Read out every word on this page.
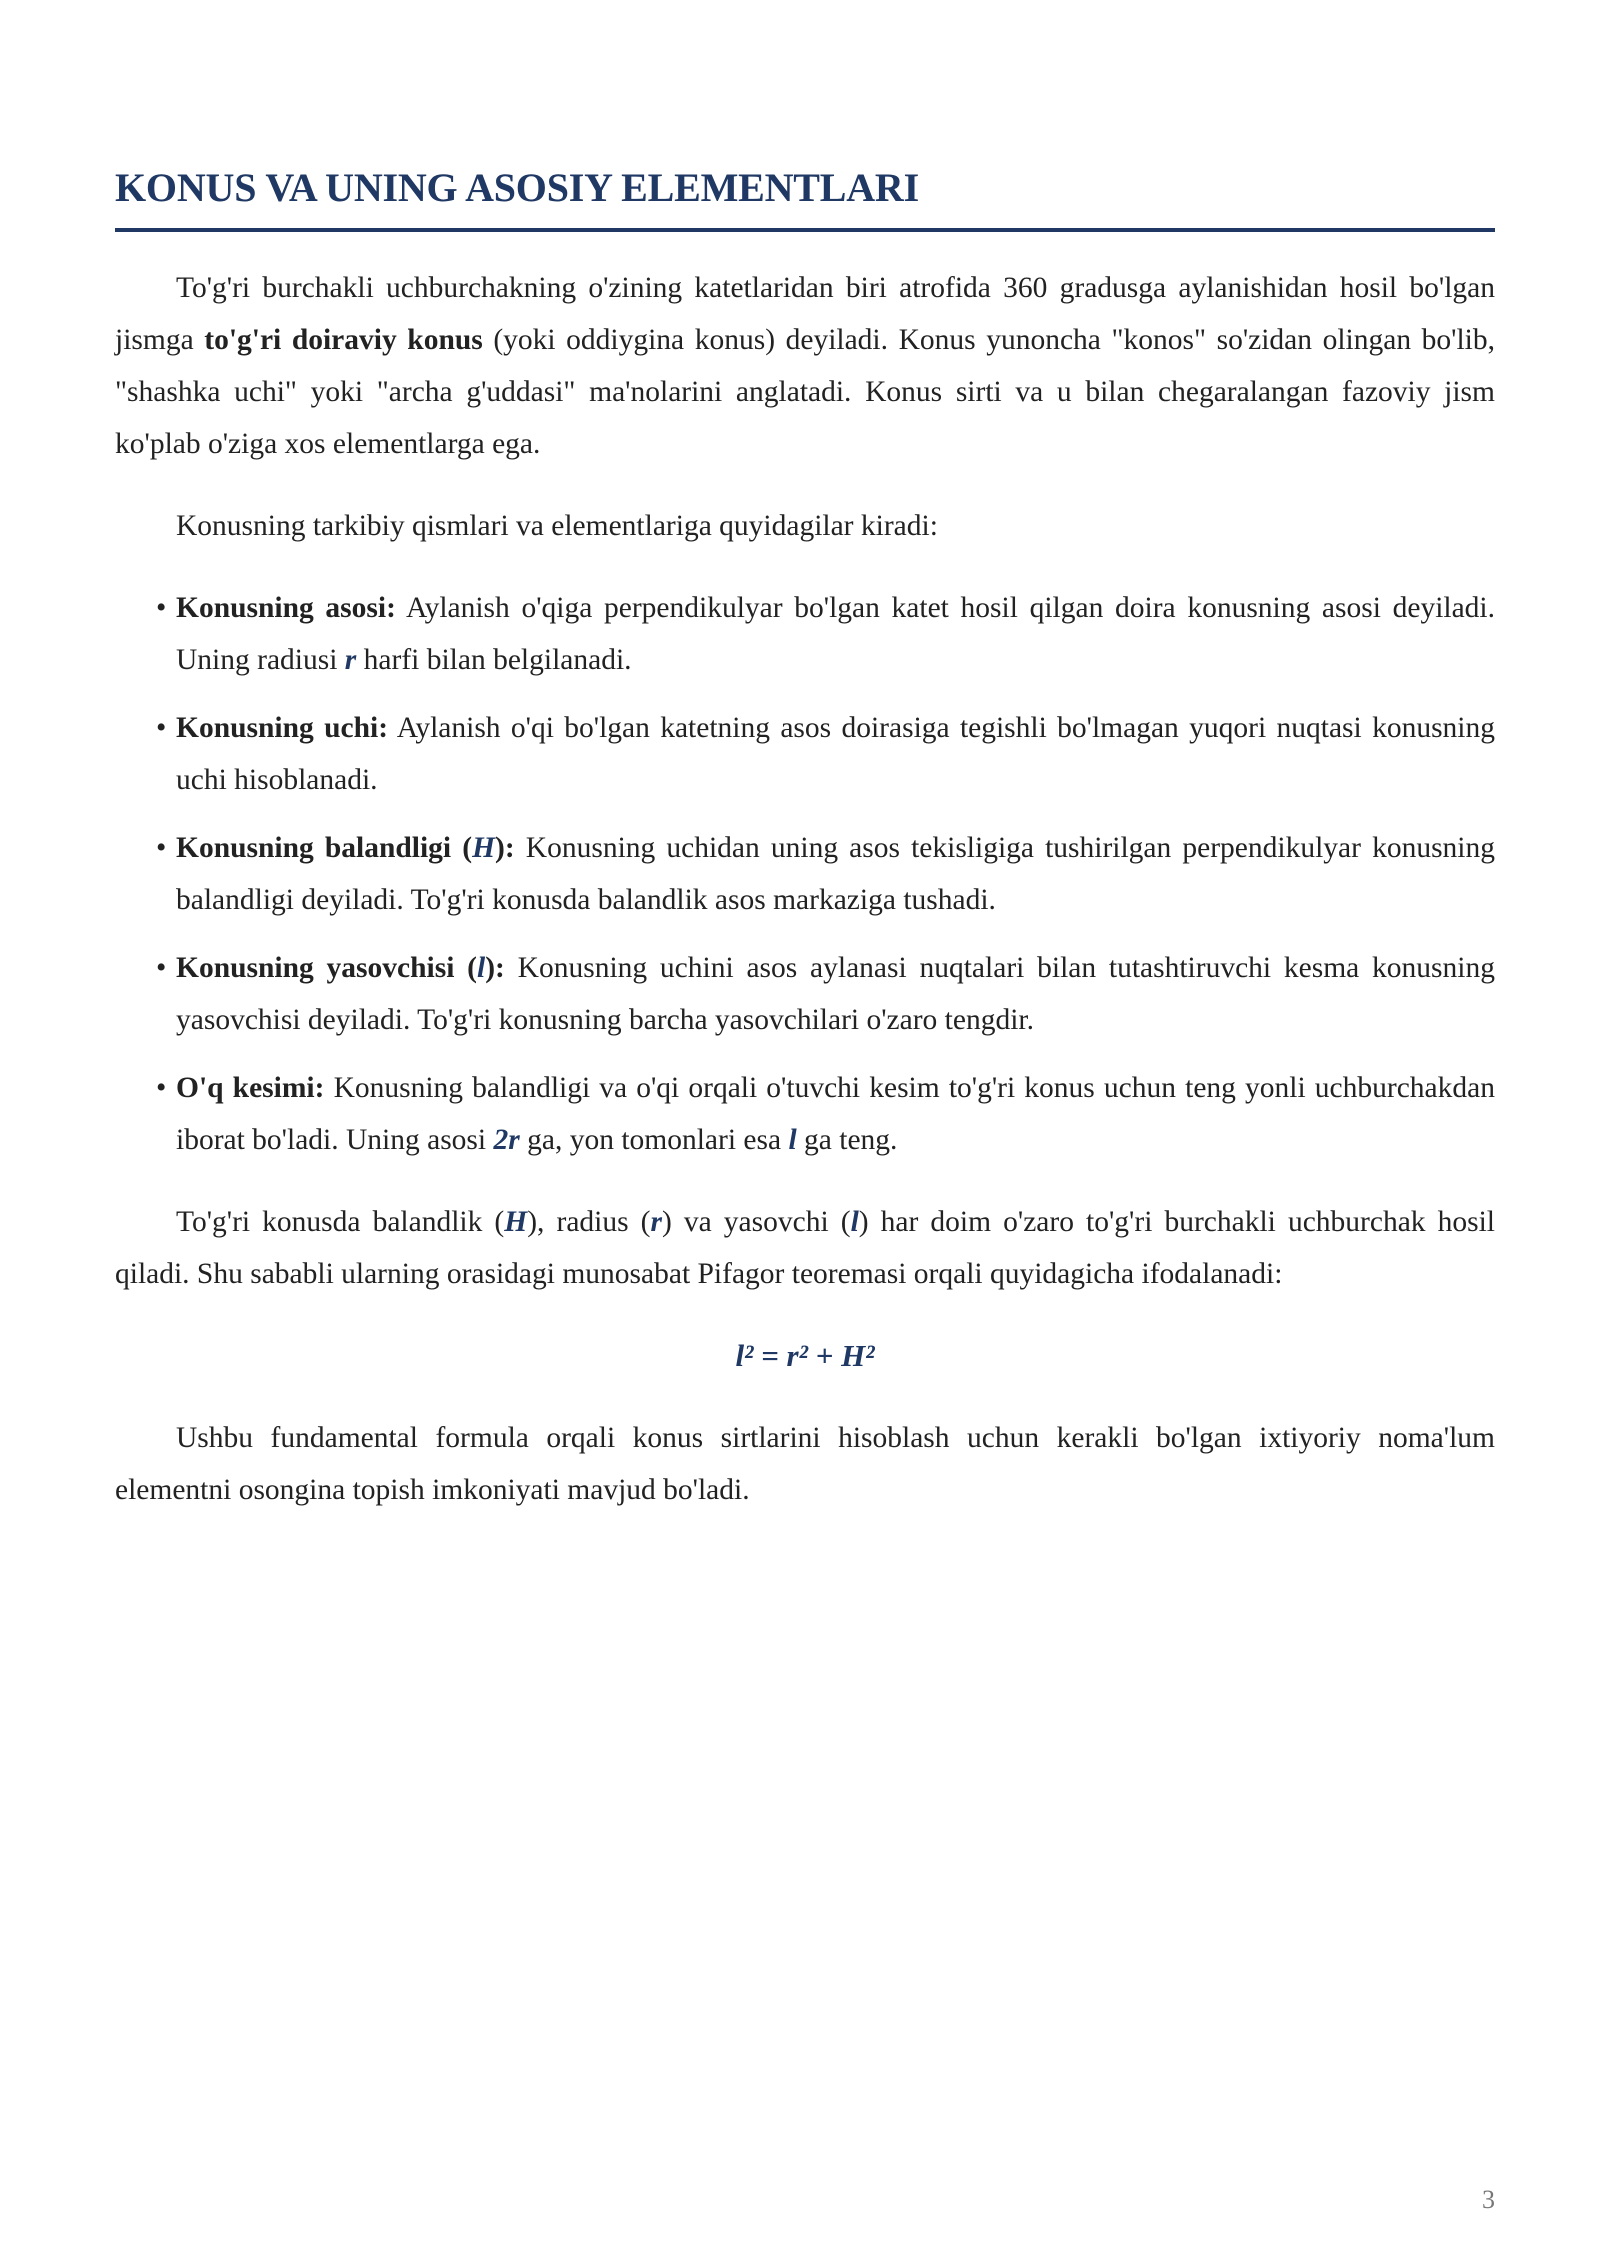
KONUS VA UNING ASOSIY ELEMENTLARI

To'g'ri burchakli uchburchakning o'zining katetlaridan biri atrofida 360 gradusga aylanishidan hosil bo'lgan jismga to'g'ri doiraviy konus (yoki oddiygina konus) deyiladi. Konus yunoncha "konos" so'zidan olingan bo'lib, "shashka uchi" yoki "archa g'uddasi" ma'nolarini anglatadi. Konus sirti va u bilan chegaralangan fazoviy jism ko'plab o'ziga xos elementlarga ega.

Konusning tarkibiy qismlari va elementlariga quyidagilar kiradi:

• Konusning asosi: Aylanish o'qiga perpendikulyar bo'lgan katet hosil qilgan doira konusning asosi deyiladi. Uning radiusi r harfi bilan belgilanadi.
• Konusning uchi: Aylanish o'qi bo'lgan katetning asos doirasiga tegishli bo'lmagan yuqori nuqtasi konusning uchi hisoblanadi.
• Konusning balandligi (H): Konusning uchidan uning asos tekisligiga tushirilgan perpendikulyar konusning balandligi deyiladi. To'g'ri konusda balandlik asos markaziga tushadi.
• Konusning yasovchisi (l): Konusning uchini asos aylanasi nuqtalari bilan tutashtiruvchi kesma konusning yasovchisi deyiladi. To'g'ri konusning barcha yasovchilari o'zaro tengdir.
• O'q kesimi: Konusning balandligi va o'qi orqali o'tuvchi kesim to'g'ri konus uchun teng yonli uchburchakdan iborat bo'ladi. Uning asosi 2r ga, yon tomonlari esa l ga teng.

To'g'ri konusda balandlik (H), radius (r) va yasovchi (l) har doim o'zaro to'g'ri burchakli uchburchak hosil qiladi. Shu sababli ularning orasidagi munosabat Pifagor teoremasi orqali quyidagicha ifodalanadi:

l² = r² + H²

Ushbu fundamental formula orqali konus sirtlarini hisoblash uchun kerakli bo'lgan ixtiyoriy noma'lum elementni osongina topish imkoniyati mavjud bo'ladi.

3
